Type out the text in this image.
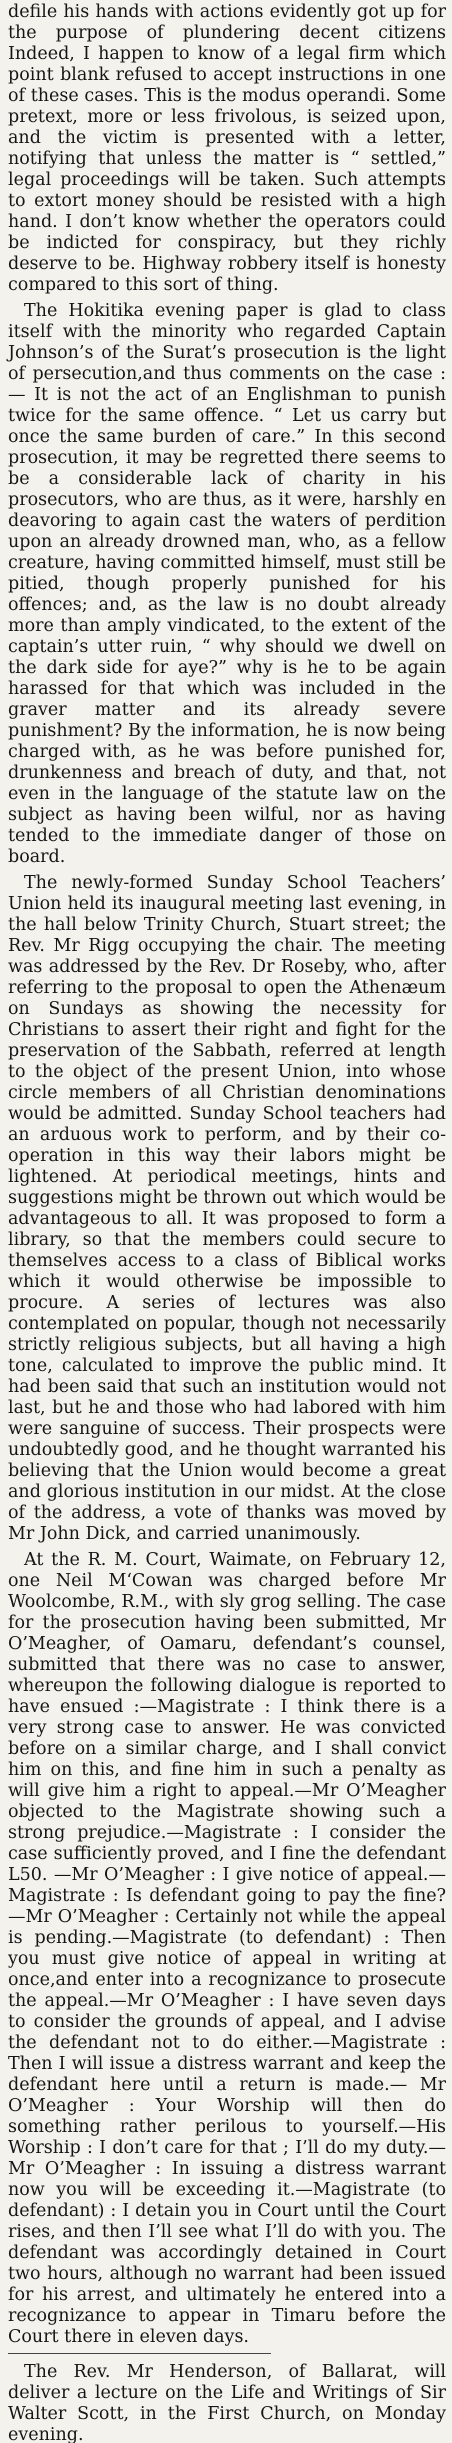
defile his hands with actions evidently got up for the purpose of plundering decent citizens Indeed, I happen to know of a legal firm which point blank refused to accept instructions in one of these cases. This is the modus operandi. Some pretext, more or less frivolous, is seized upon, and the victim is presented with a letter, notifying that unless the matter is “ settled,” legal proceedings will be taken. Such attempts to extort money should be resisted with a high hand. I don’t know whether the operators could be indicted for conspiracy, but they richly deserve to be. Highway robbery itself is honesty compared to this sort of thing.

The Hokitika evening paper is glad to class itself with the minority who regarded Captain Johnson’s of the Surat’s prosecution is the light of persecution,and thus comments on the case :— It is not the act of an Englishman to punish twice for the same offence. “ Let us carry but once the same burden of care.” In this second prosecution, it may be regretted there seems to be a considerable lack of charity in his prosecutors, who are thus, as it were, harshly en deavoring to again cast the waters of perdition upon an already drowned man, who, as a fellow creature, having committed himself, must still be pitied, though properly punished for his offences; and, as the law is no doubt already more than amply vindicated, to the extent of the captain’s utter ruin, “ why should we dwell on the dark side for aye?” why is he to be again harassed for that which was included in the graver matter and its already severe punishment? By the information, he is now being charged with, as he was before punished for, drunkenness and breach of duty, and that, not even in the language of the statute law on the subject as having been wilful, nor as having tended to the immediate danger of those on board.

The newly-formed Sunday School Teachers’ Union held its inaugural meeting last evening, in the hall below Trinity Church, Stuart street; the Rev. Mr Rigg occupying the chair. The meeting was addressed by the Rev. Dr Roseby, who, after referring to the proposal to open the Athenæum on Sundays as showing the necessity for Christians to assert their right and fight for the preservation of the Sabbath, referred at length to the object of the present Union, into whose circle members of all Christian denominations would be admitted. Sunday School teachers had an arduous work to perform, and by their co-operation in this way their labors might be lightened. At periodical meetings, hints and suggestions might be thrown out which would be advantageous to all. It was proposed to form a library, so that the members could secure to themselves access to a class of Biblical works which it would otherwise be impossible to procure. A series of lectures was also contemplated on popular, though not necessarily strictly religious subjects, but all having a high tone, calculated to improve the public mind. It had been said that such an institution would not last, but he and those who had labored with him were sanguine of success. Their prospects were undoubtedly good, and he thought warranted his believing that the Union would become a great and glorious institution in our midst. At the close of the address, a vote of thanks was moved by Mr John Dick, and carried unanimously.

At the R. M. Court, Waimate, on February 12, one Neil M‘Cowan was charged before Mr Woolcombe, R.M., with sly grog selling. The case for the prosecution having been submitted, Mr O’Meagher, of Oamaru, defendant’s counsel, submitted that there was no case to answer, whereupon the following dialogue is reported to have ensued :—Magistrate : I think there is a very strong case to answer. He was convicted before on a similar charge, and I shall convict him on this, and fine him in such a penalty as will give him a right to appeal.—Mr O’Meagher objected to the Magistrate showing such a strong prejudice.—Magistrate : I consider the case sufficiently proved, and I fine the defendant L50. —Mr O’Meagher : I give notice of appeal.— Magistrate : Is defendant going to pay the fine? —Mr O’Meagher : Certainly not while the appeal is pending.—Magistrate (to defendant) : Then you must give notice of appeal in writing at once,and enter into a recognizance to prosecute the appeal.—Mr O’Meagher : I have seven days to consider the grounds of appeal, and I advise the defendant not to do either.—Magistrate : Then I will issue a distress warrant and keep the defendant here until a return is made.— Mr O’Meagher : Your Worship will then do something rather perilous to yourself.—His Worship : I don’t care for that ; I’ll do my duty.—Mr O’Meagher : In issuing a distress warrant now you will be exceeding it.—Magistrate (to defendant) : I detain you in Court until the Court rises, and then I’ll see what I’ll do with you. The defendant was accordingly detained in Court two hours, although no warrant had been issued for his arrest, and ultimately he entered into a recognizance to appear in Timaru before the Court there in eleven days.

The Rev. Mr Henderson, of Ballarat, will deliver a lecture on the Life and Writings of Sir Walter Scott, in the First Church, on Monday evening.
